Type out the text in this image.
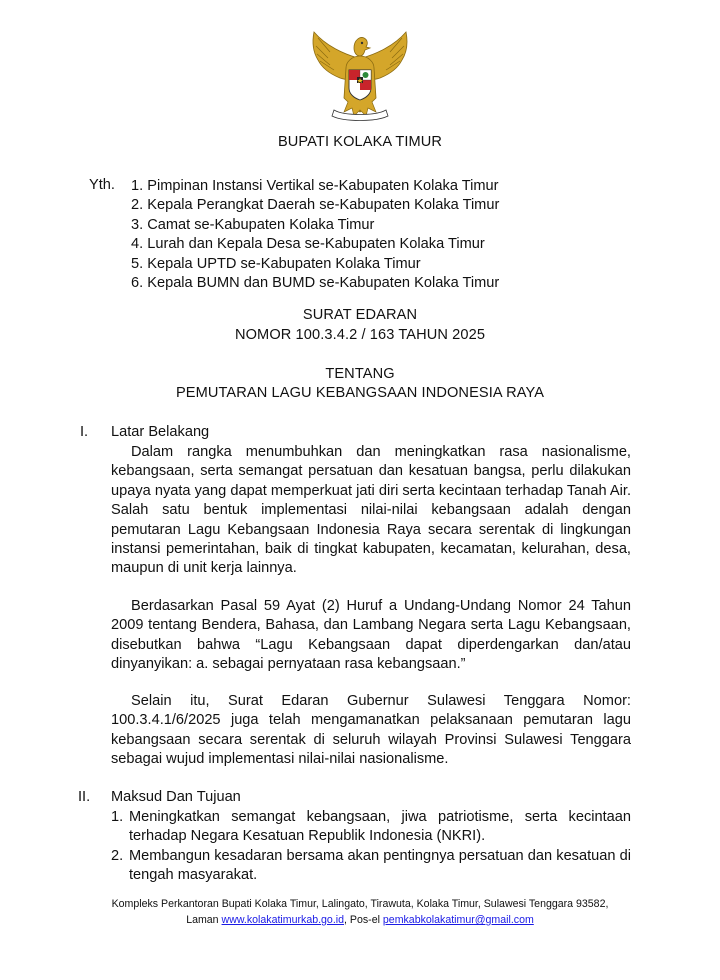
BUPATI KOLAKA TIMUR
Yth. 1. Pimpinan Instansi Vertikal se-Kabupaten Kolaka Timur
2. Kepala Perangkat Daerah se-Kabupaten Kolaka Timur
3. Camat se-Kabupaten Kolaka Timur
4. Lurah dan Kepala Desa se-Kabupaten Kolaka Timur
5. Kepala UPTD se-Kabupaten Kolaka Timur
6. Kepala BUMN dan BUMD se-Kabupaten Kolaka Timur
SURAT EDARAN
NOMOR 100.3.4.2 / 163 TAHUN 2025
TENTANG
PEMUTARAN LAGU KEBANGSAAN INDONESIA RAYA
I. Latar Belakang

Dalam rangka menumbuhkan dan meningkatkan rasa nasionalisme, kebangsaan, serta semangat persatuan dan kesatuan bangsa, perlu dilakukan upaya nyata yang dapat memperkuat jati diri serta kecintaan terhadap Tanah Air. Salah satu bentuk implementasi nilai-nilai kebangsaan adalah dengan pemutaran Lagu Kebangsaan Indonesia Raya secara serentak di lingkungan instansi pemerintahan, baik di tingkat kabupaten, kecamatan, kelurahan, desa, maupun di unit kerja lainnya.

Berdasarkan Pasal 59 Ayat (2) Huruf a Undang-Undang Nomor 24 Tahun 2009 tentang Bendera, Bahasa, dan Lambang Negara serta Lagu Kebangsaan, disebutkan bahwa “Lagu Kebangsaan dapat diperdengarkan dan/atau dinyanyikan: a. sebagai pernyataan rasa kebangsaan.”

Selain itu, Surat Edaran Gubernur Sulawesi Tenggara Nomor: 100.3.4.1/6/2025 juga telah mengamanatkan pelaksanaan pemutaran lagu kebangsaan secara serentak di seluruh wilayah Provinsi Sulawesi Tenggara sebagai wujud implementasi nilai-nilai nasionalisme.

II. Maksud Dan Tujuan
1. Meningkatkan semangat kebangsaan, jiwa patriotisme, serta kecintaan terhadap Negara Kesatuan Republik Indonesia (NKRI).
2. Membangun kesadaran bersama akan pentingnya persatuan dan kesatuan di tengah masyarakat.
Kompleks Perkantoran Bupati Kolaka Timur, Lalingato, Tirawuta, Kolaka Timur, Sulawesi Tenggara 93582,
Laman www.kolakatimurkab.go.id, Pos-el pemkabkolakatimur@gmail.com
